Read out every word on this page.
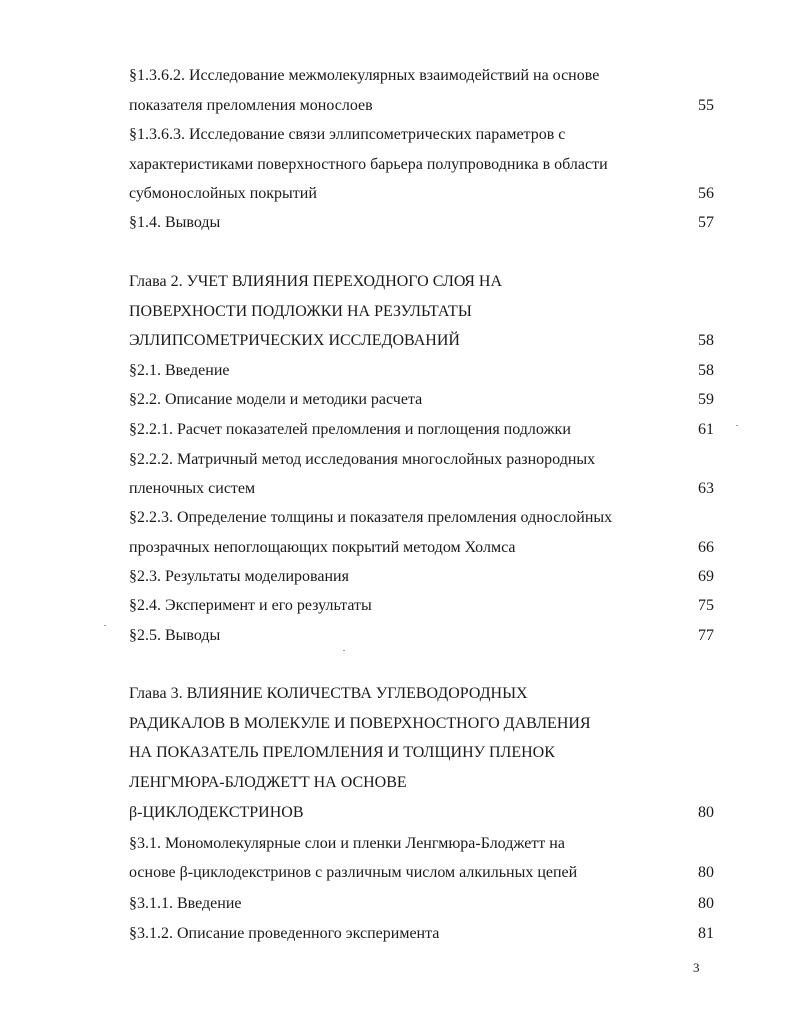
§1.3.6.2. Исследование межмолекулярных взаимодействий на основе
показателя преломления монослоев	55
§1.3.6.3. Исследование связи эллипсометрических параметров с
характеристиками поверхностного барьера полупроводника в области
субмонослойных покрытий	56
§1.4. Выводы	57
Глава 2. УЧЕТ ВЛИЯНИЯ ПЕРЕХОДНОГО СЛОЯ НА
ПОВЕРХНОСТИ ПОДЛОЖКИ НА РЕЗУЛЬТАТЫ
ЭЛЛИПСОМЕТРИЧЕСКИХ ИССЛЕДОВАНИЙ	58
§2.1. Введение	58
§2.2. Описание модели и методики расчета	59
§2.2.1. Расчет показателей преломления и поглощения подложки	61
§2.2.2. Матричный метод исследования многослойных разнородных
пленочных систем	63
§2.2.3. Определение толщины и показателя преломления однослойных
прозрачных непоглощающих покрытий методом Холмса	66
§2.3. Результаты моделирования	69
§2.4. Эксперимент и его результаты	75
§2.5. Выводы	77
Глава 3. ВЛИЯНИЕ КОЛИЧЕСТВА УГЛЕВОДОРОДНЫХ
РАДИКАЛОВ В МОЛЕКУЛЕ И ПОВЕРХНОСТНОГО ДАВЛЕНИЯ
НА ПОКАЗАТЕЛЬ ПРЕЛОМЛЕНИЯ И ТОЛЩИНУ ПЛЕНОК
ЛЕНГМЮРА-БЛОДЖЕТТ НА ОСНОВЕ
β-ЦИКЛОДЕКСТРИНОВ	80
§3.1. Мономолекулярные слои и пленки Ленгмюра-Блоджетт на
основе β-циклодекстринов с различным числом алкильных цепей	80
§3.1.1. Введение	80
§3.1.2. Описание проведенного эксперимента	81
3
